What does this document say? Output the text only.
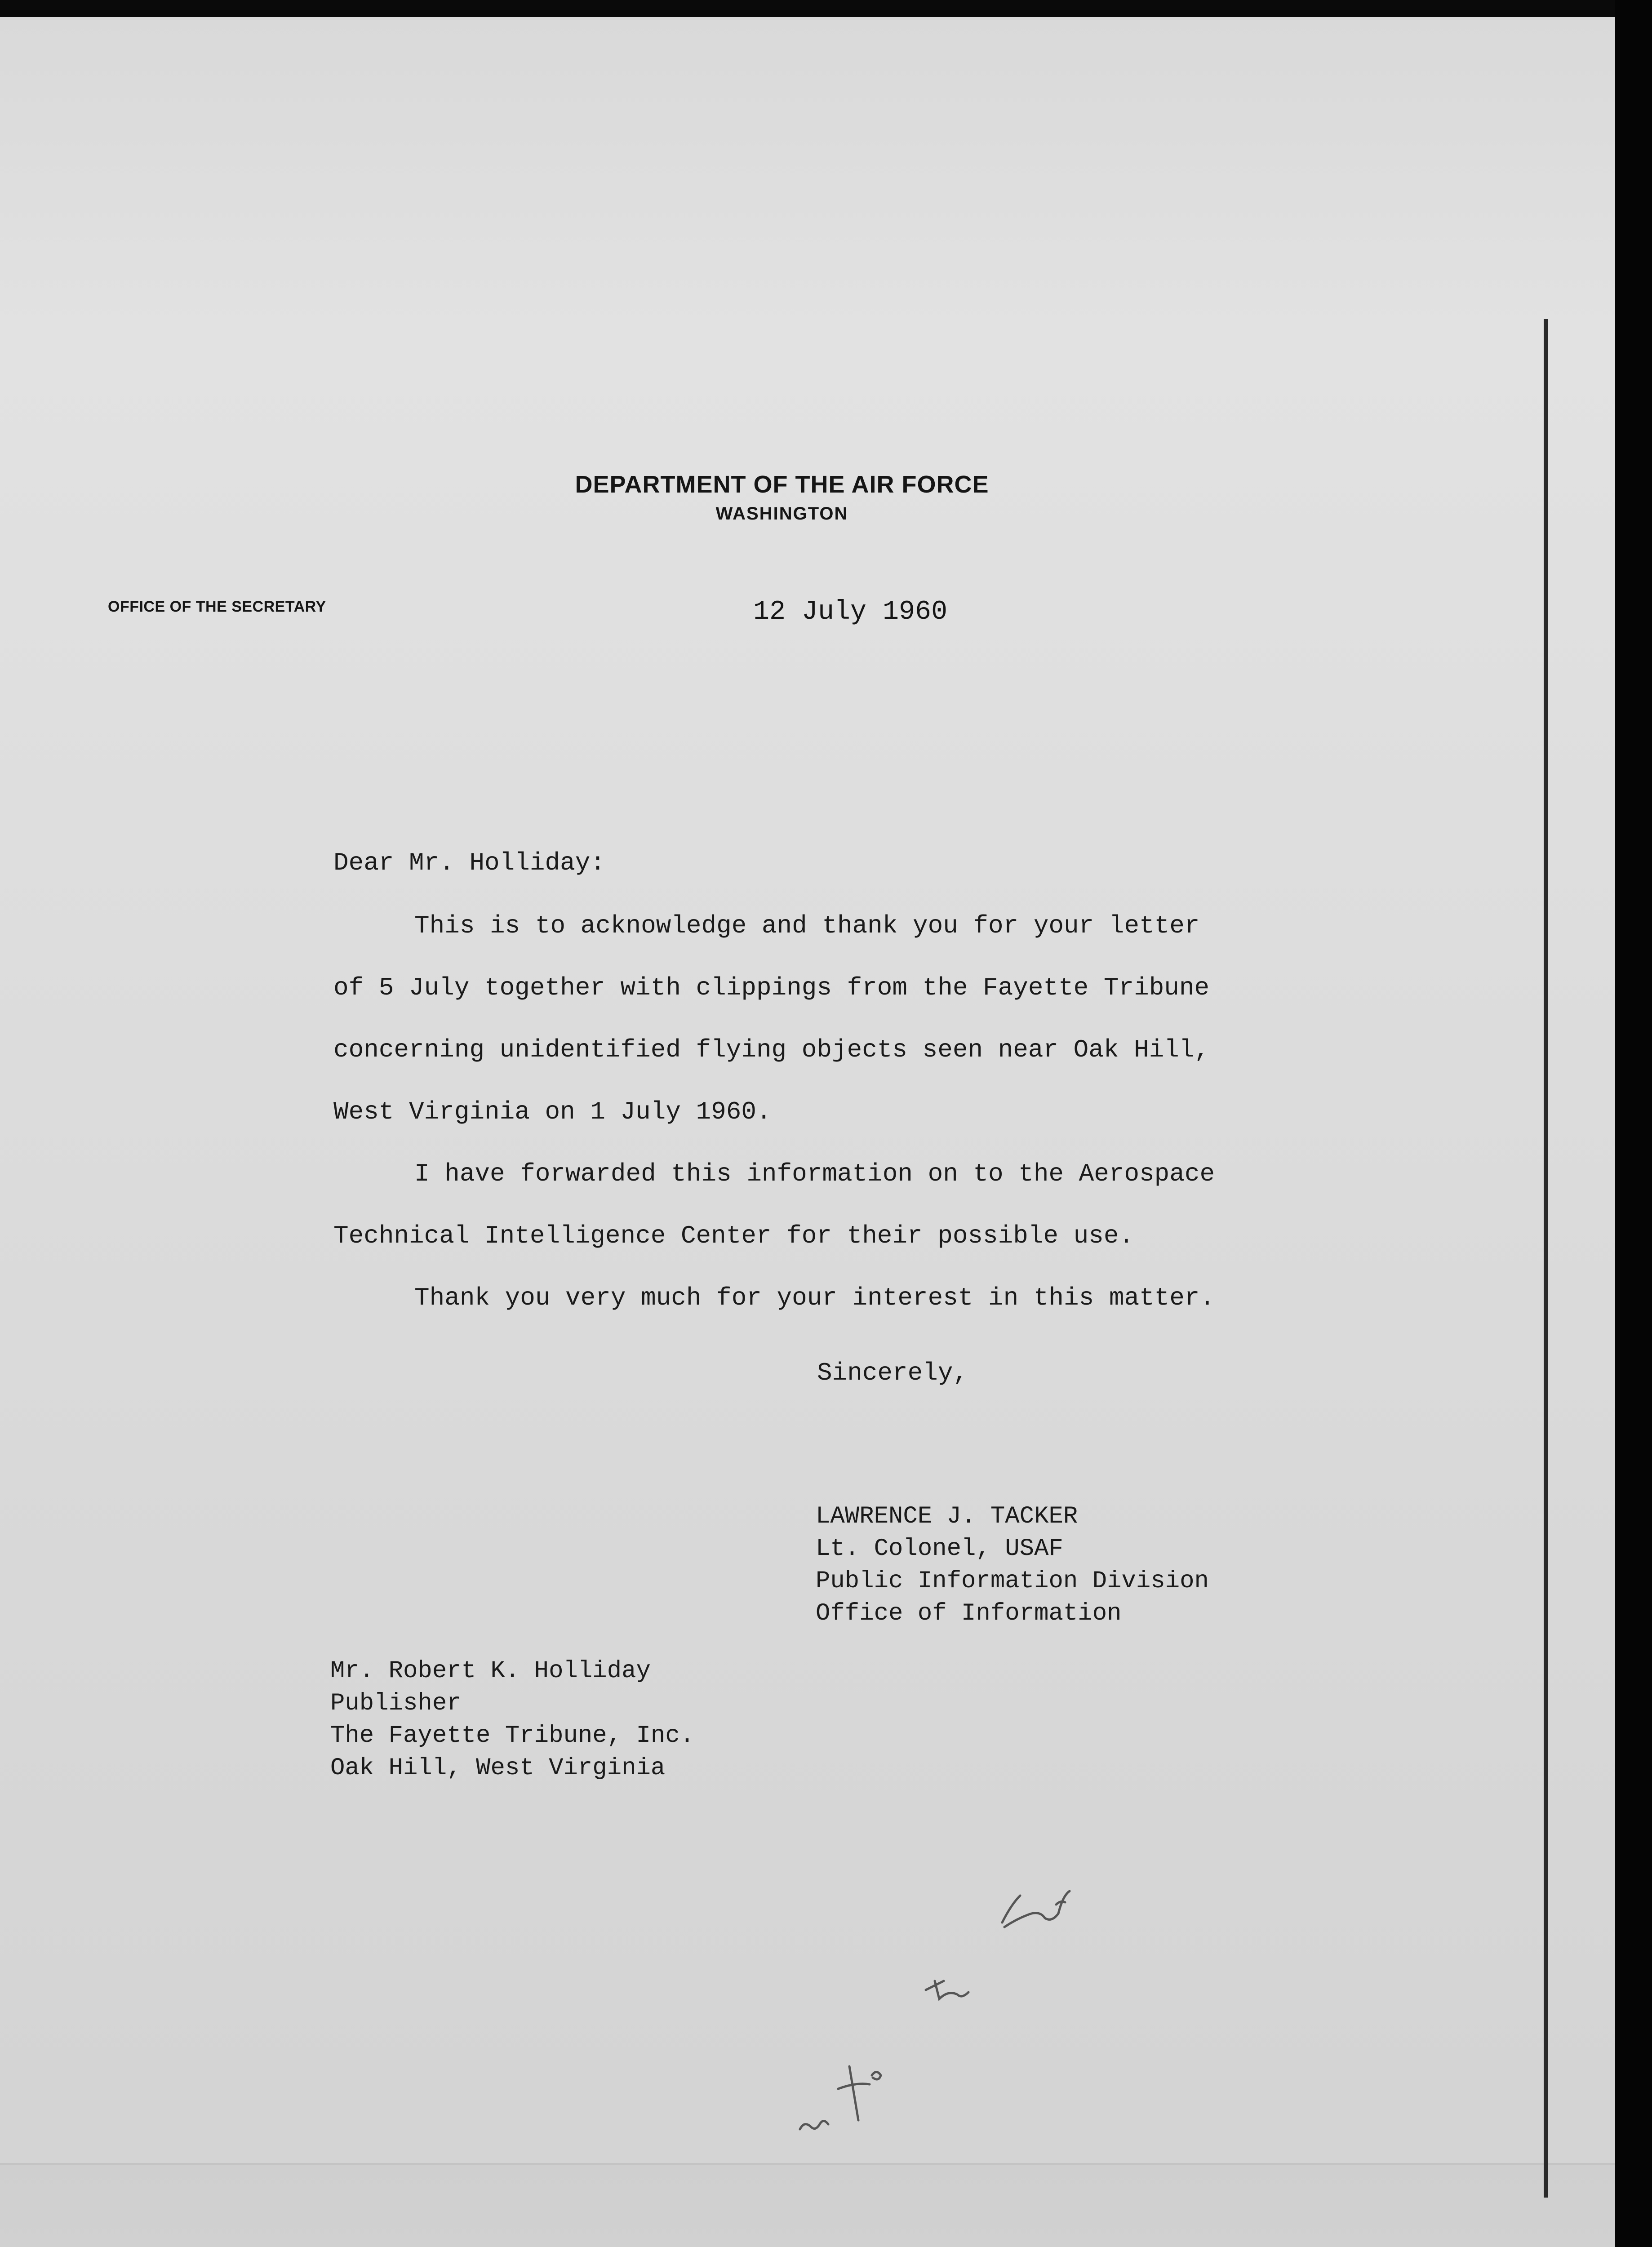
DEPARTMENT OF THE AIR FORCE
WASHINGTON
OFFICE OF THE SECRETARY	12 July 1960
Dear Mr. Holliday:
This is to acknowledge and thank you for your letter
of 5 July together with clippings from the Fayette Tribune
concerning unidentified flying objects seen near Oak Hill,
West Virginia on 1 July 1960.
I have forwarded this information on to the Aerospace
Technical Intelligence Center for their possible use.
Thank you very much for your interest in this matter.
Sincerely,
LAWRENCE J. TACKER
Lt. Colonel, USAF
Public Information Division
Office of Information
Mr. Robert K. Holliday
Publisher
The Fayette Tribune, Inc.
Oak Hill, West Virginia
